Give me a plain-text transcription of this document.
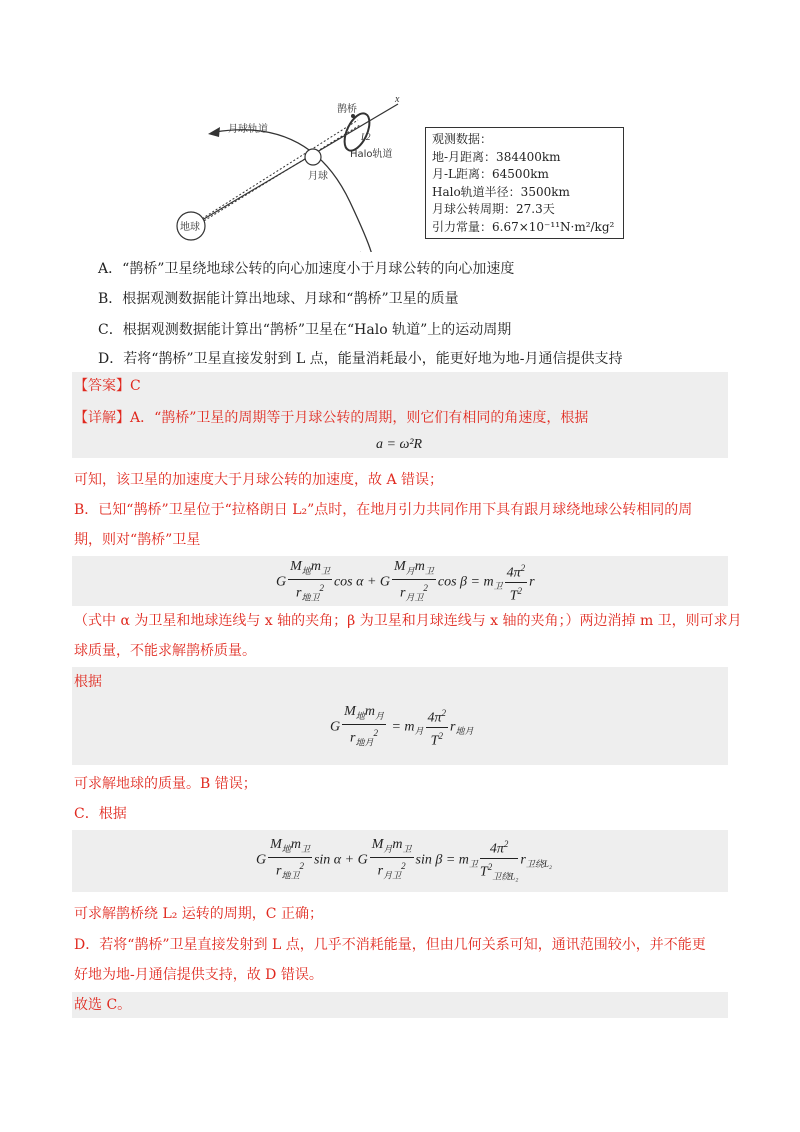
鹊桥
x
L2
Halo轨道
月球轨道
月球
地球
观测数据：
地-月距离：384400km
月-L距离：64500km
Halo轨道半径：3500km
月球公转周期：27.3天
引力常量：6.67×10⁻¹¹N·m²/kg²
A．“鹊桥”卫星绕地球公转的向心加速度小于月球公转的向心加速度
B．根据观测数据能计算出地球、月球和“鹊桥”卫星的质量
C．根据观测数据能计算出“鹊桥”卫星在“Halo 轨道”上的运动周期
D．若将“鹊桥”卫星直接发射到 L 点，能量消耗最小，能更好地为地-月通信提供支持
【答案】C
【详解】A．“鹊桥”卫星的周期等于月球公转的周期，则它们有相同的角速度，根据
a = ω²R
可知，该卫星的加速度大于月球公转的加速度，故 A 错误；
B．已知“鹊桥”卫星位于“拉格朗日 L₂”点时，在地月引力共同作用下具有跟月球绕地球公转相同的周
期，则对“鹊桥”卫星
G $\frac{M_地m_卫}{r_{地卫}^2}$ cos α + G $\frac{M_月m_卫}{r_{月卫}^2}$ $\cos \beta = m_卫 \frac{4\pi^2}{T^2}$ r
（式中 α 为卫星和地球连线与 x 轴的夹角；β 为卫星和月球连线与 x 轴的夹角；）两边消掉 m 卫，则可求月
球质量，不能求解鹊桥质量。
根据
G $\frac{M_地m_月}{r_{地月}^2} = m_月 \frac{4\pi^2}{T^2} r_{地月}$
可求解地球的质量。B 错误；
C．根据
G $\frac{M_地m_卫}{r_{地卫}^2}$ sin α + G $\frac{M_月m_卫}{r_{月卫}^2}$ $\sin \beta = m_卫 \frac{4\pi^2}{T^2_{卫绕L_2}} r_{卫绕L_2}$
可求解鹊桥绕 L₂ 运转的周期，C 正确；
D．若将“鹊桥”卫星直接发射到 L 点，几乎不消耗能量，但由几何关系可知，通讯范围较小，并不能更
好地为地-月通信提供支持，故 D 错误。
故选 C。
